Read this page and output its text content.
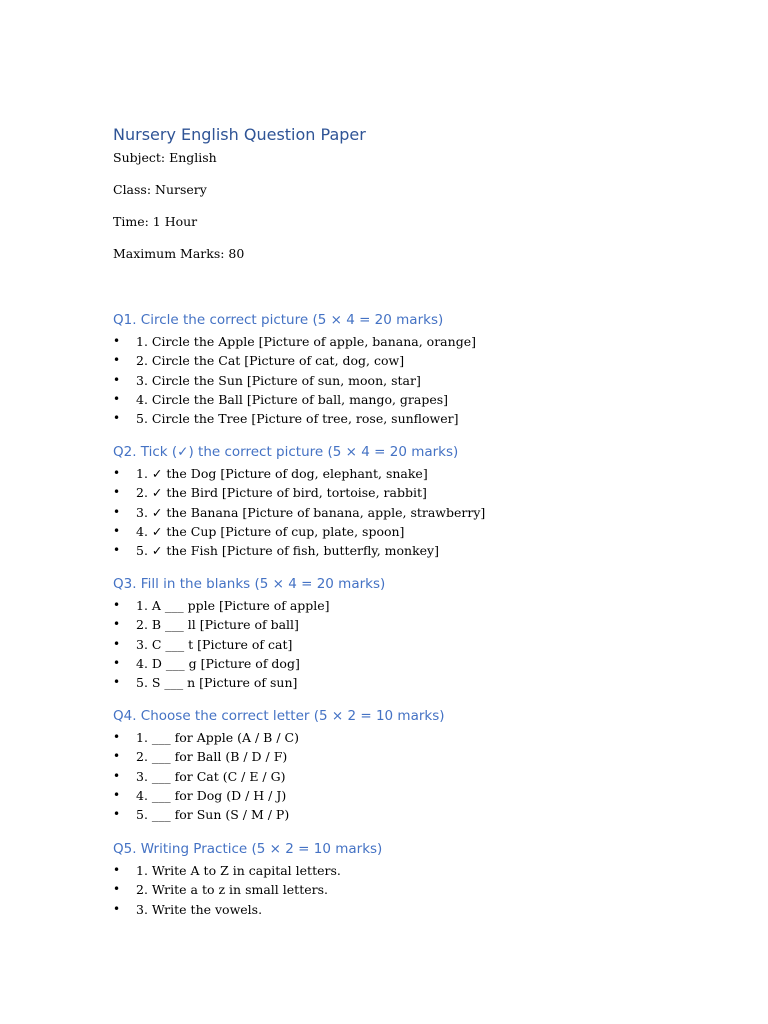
Nursery English Question Paper

Subject: English

Class: Nursery

Time: 1 Hour

Maximum Marks: 80

Q1. Circle the correct picture (5 × 4 = 20 marks)
• 1. Circle the Apple [Picture of apple, banana, orange]
• 2. Circle the Cat [Picture of cat, dog, cow]
• 3. Circle the Sun [Picture of sun, moon, star]
• 4. Circle the Ball [Picture of ball, mango, grapes]
• 5. Circle the Tree [Picture of tree, rose, sunflower]
Q2. Tick (✓) the correct picture (5 × 4 = 20 marks)
• 1. ✓ the Dog [Picture of dog, elephant, snake]
• 2. ✓ the Bird [Picture of bird, tortoise, rabbit]
• 3. ✓ the Banana [Picture of banana, apple, strawberry]
• 4. ✓ the Cup [Picture of cup, plate, spoon]
• 5. ✓ the Fish [Picture of fish, butterfly, monkey]
Q3. Fill in the blanks (5 × 4 = 20 marks)
• 1. A ___ pple [Picture of apple]
• 2. B ___ ll [Picture of ball]
• 3. C ___ t [Picture of cat]
• 4. D ___ g [Picture of dog]
• 5. S ___ n [Picture of sun]
Q4. Choose the correct letter (5 × 2 = 10 marks)
• 1. ___ for Apple (A / B / C)
• 2. ___ for Ball (B / D / F)
• 3. ___ for Cat (C / E / G)
• 4. ___ for Dog (D / H / J)
• 5. ___ for Sun (S / M / P)
Q5. Writing Practice (5 × 2 = 10 marks)
• 1. Write A to Z in capital letters.
• 2. Write a to z in small letters.
• 3. Write the vowels.
